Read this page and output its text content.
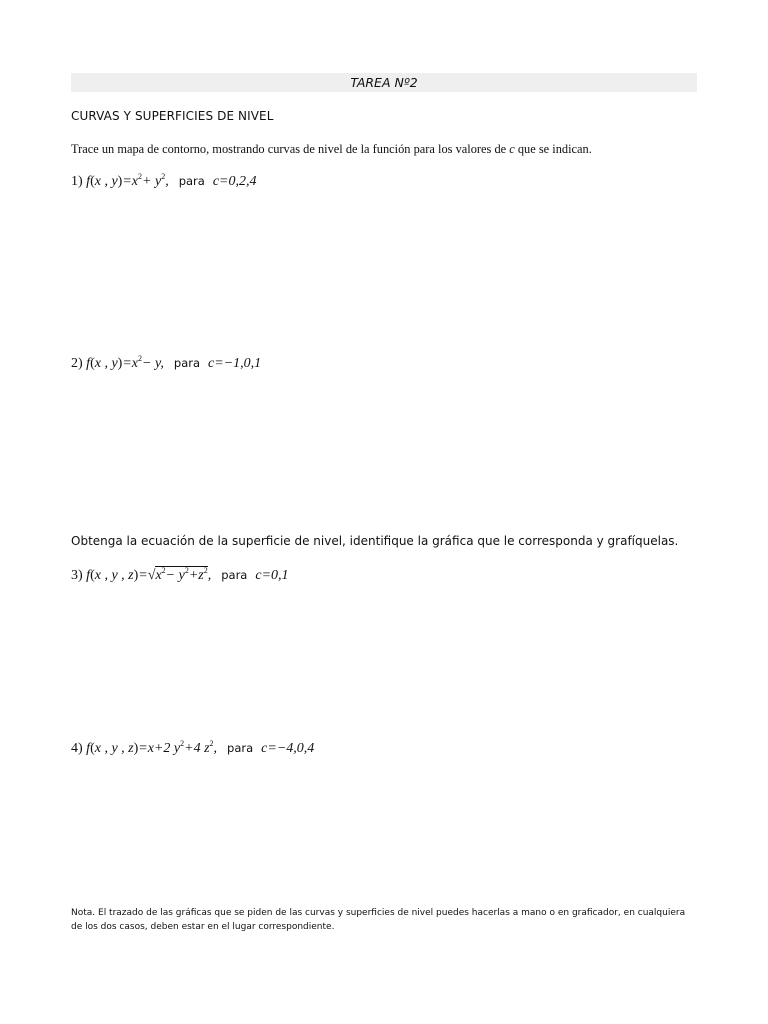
TAREA Nº2
CURVAS Y SUPERFICIES DE NIVEL
Trace un mapa de contorno, mostrando curvas de nivel de la función para los valores de c que se indican.
1) f(x , $y)=x^2+ y^2$, para c=0,2,4
2) f(x , $y)=x^2- y$, para c=−1,0,1
Obtenga la ecuación de la superficie de nivel, identifique la gráfica que le corresponda y grafíquelas.
3) f(x , y , $z)=√x^2- y^2+z^2$, para c=0,1
4) f(x , y , z)=x+2 $y^2+4$ $z^2$, para c=−4,0,4
Nota. El trazado de las gráficas que se piden de las curvas y superficies de nivel puedes hacerlas a mano o en graficador, en cualquiera
de los dos casos, deben estar en el lugar correspondiente.
